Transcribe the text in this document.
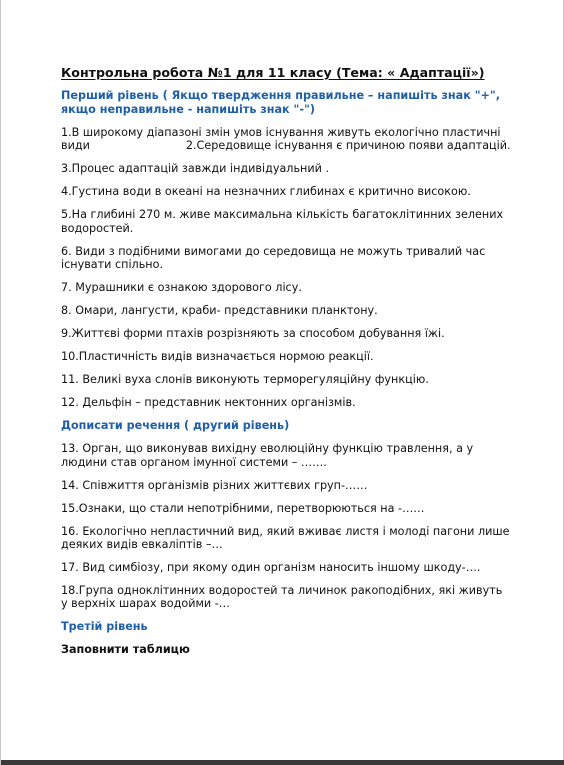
Контрольна робота №1 для 11 класу (Тема: « Адаптації»)

Перший рівень ( Якщо твердження правильне – напишіть знак "+", якщо неправильне - напишіть знак "-")

1.В широкому діапазоні змін умов існування живуть екологічно пластичні види	2.Середовище існування є причиною появи адаптацій.

3.Процес адаптацій завжди індивідуальний .

4.Густина води в океані на незначних глибинах є критично високою.

5.На глибині 270 м. живе максимальна кількість багатоклітинних зелених водоростей.

6. Види з подібними вимогами до середовища не можуть тривалий час існувати спільно.

7. Мурашники є ознакою здорового лісу.

8. Омари, лангусти, краби- представники планктону.

9.Життєві форми птахів розрізняють за способом добування їжі.

10.Пластичність видів визначається нормою реакції.

11. Великі вуха слонів виконують терморегуляційну функцію.

12. Дельфін – представник нектонних організмів.

Дописати речення ( другий рівень)

13. Орган, що виконував вихідну еволюційну функцію травлення, а у людини став органом імунної системи – …….

14. Співжиття організмів різних життєвих груп-……

15.Ознаки, що стали непотрібними, перетворюються на -……

16. Екологічно непластичний вид, який вживає листя і молоді пагони лише деяких видів евкаліптів –…

17. Вид симбіозу, при якому один організм наносить іншому шкоду-….

18.Група одноклітинних водоростей та личинок ракоподібних, які живуть у верхніх шарах водойми -…

Третій рівень

Заповнити таблицю
